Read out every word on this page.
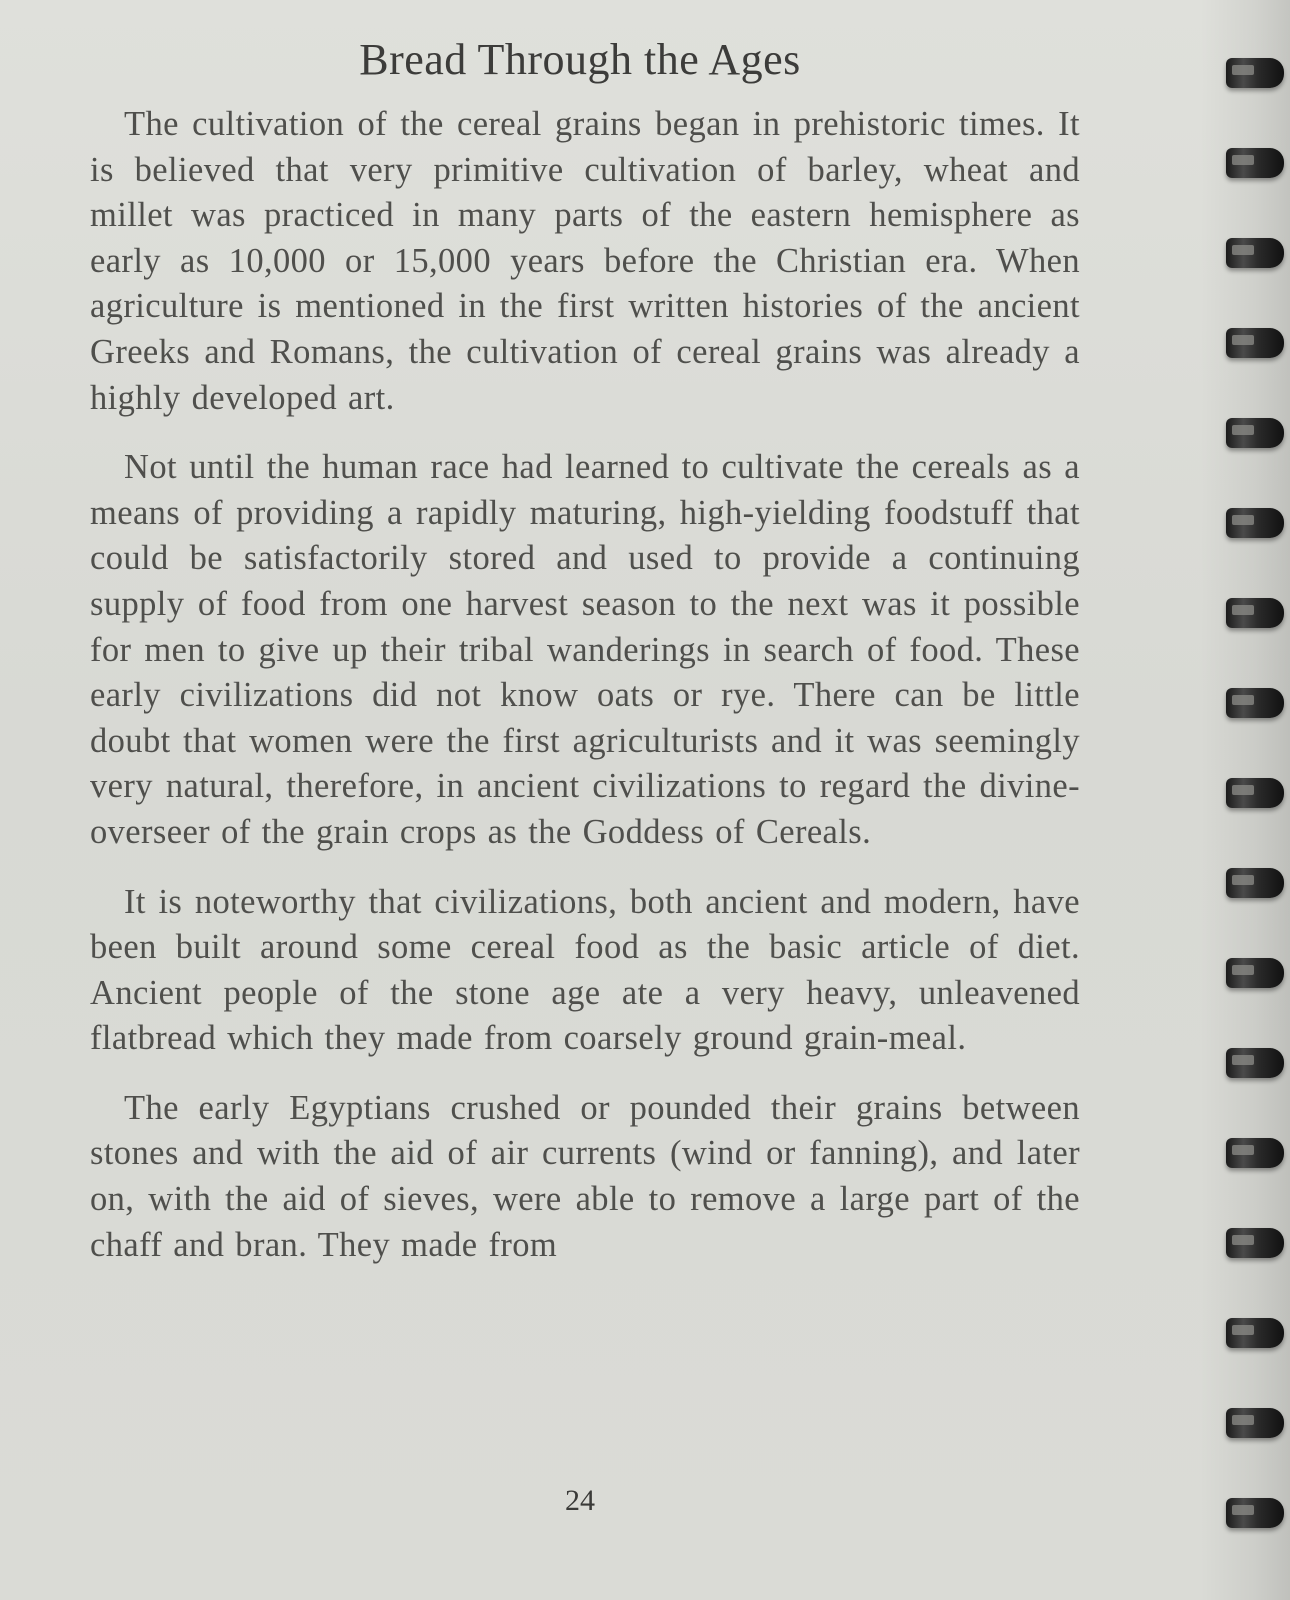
Bread Through the Ages

The cultivation of the cereal grains began in prehistoric times. It is believed that very primitive cultivation of barley, wheat and millet was practiced in many parts of the eastern hemisphere as early as 10,000 or 15,000 years before the Christian era. When agriculture is mentioned in the first written histories of the ancient Greeks and Romans, the cultivation of cereal grains was already a highly developed art.

Not until the human race had learned to cultivate the cereals as a means of providing a rapidly maturing, high-yielding foodstuff that could be satisfactorily stored and used to provide a continuing supply of food from one harvest season to the next was it possible for men to give up their tribal wanderings in search of food. These early civilizations did not know oats or rye. There can be little doubt that women were the first agriculturists and it was seemingly very natural, therefore, in ancient civilizations to regard the divine-overseer of the grain crops as the Goddess of Cereals.

It is noteworthy that civilizations, both ancient and modern, have been built around some cereal food as the basic article of diet. Ancient people of the stone age ate a very heavy, unleavened flatbread which they made from coarsely ground grain-meal.

The early Egyptians crushed or pounded their grains between stones and with the aid of air currents (wind or fanning), and later on, with the aid of sieves, were able to remove a large part of the chaff and bran. They made from

24
